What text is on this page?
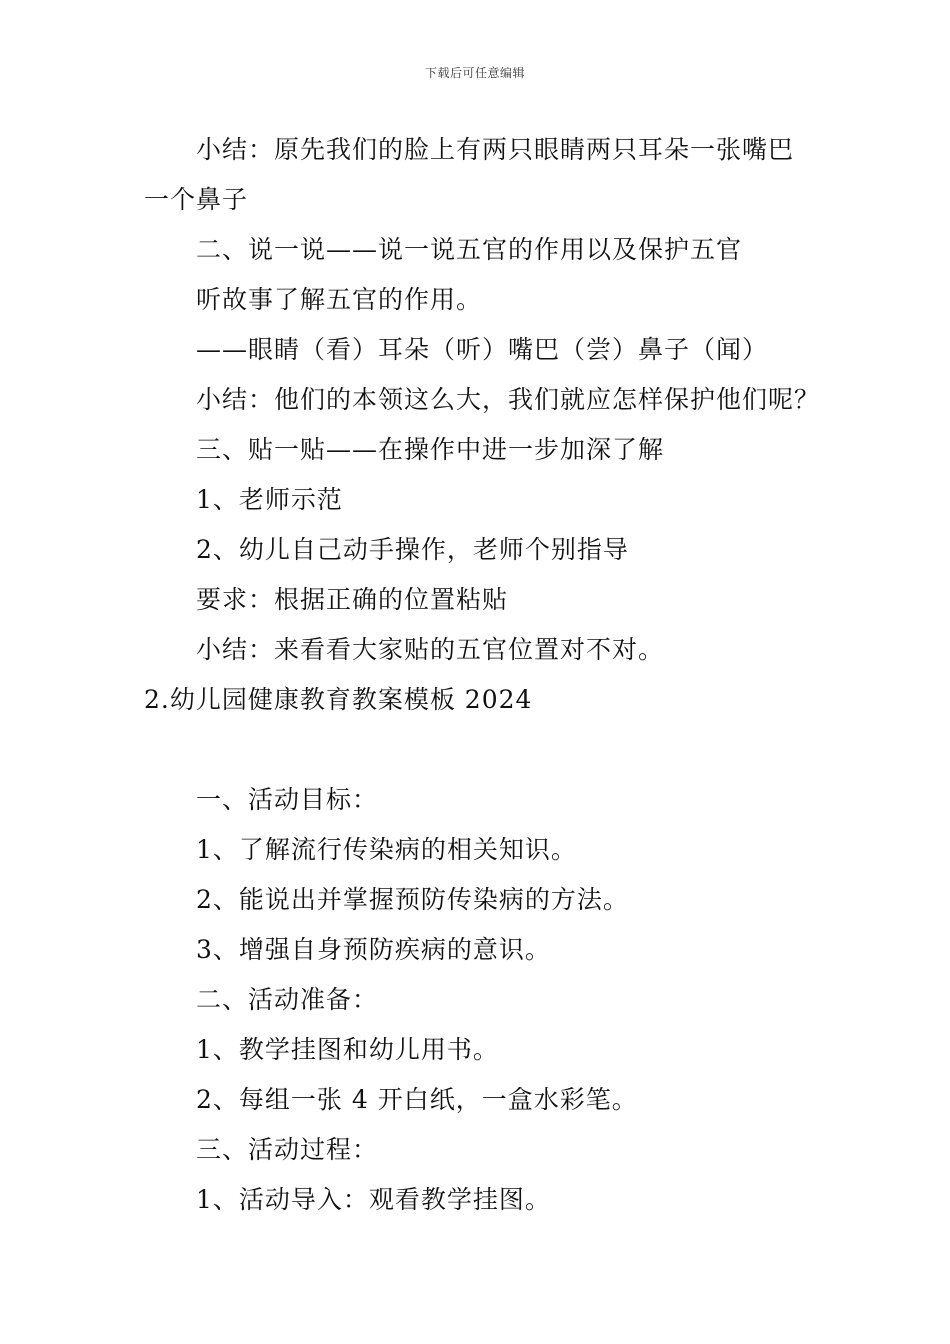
下载后可任意编辑
小结：原先我们的脸上有两只眼睛两只耳朵一张嘴巴
一个鼻子
二、说一说——说一说五官的作用以及保护五官
听故事了解五官的作用。
——眼睛（看）耳朵（听）嘴巴（尝）鼻子（闻）
小结：他们的本领这么大，我们就应怎样保护他们呢？
三、贴一贴——在操作中进一步加深了解
1、老师示范
2、幼儿自己动手操作，老师个别指导
要求：根据正确的位置粘贴
小结：来看看大家贴的五官位置对不对。
2.幼儿园健康教育教案模板 2024
一、活动目标：
1、了解流行传染病的相关知识。
2、能说出并掌握预防传染病的方法。
3、增强自身预防疾病的意识。
二、活动准备：
1、教学挂图和幼儿用书。
2、每组一张 4 开白纸，一盒水彩笔。
三、活动过程：
1、活动导入：观看教学挂图。
